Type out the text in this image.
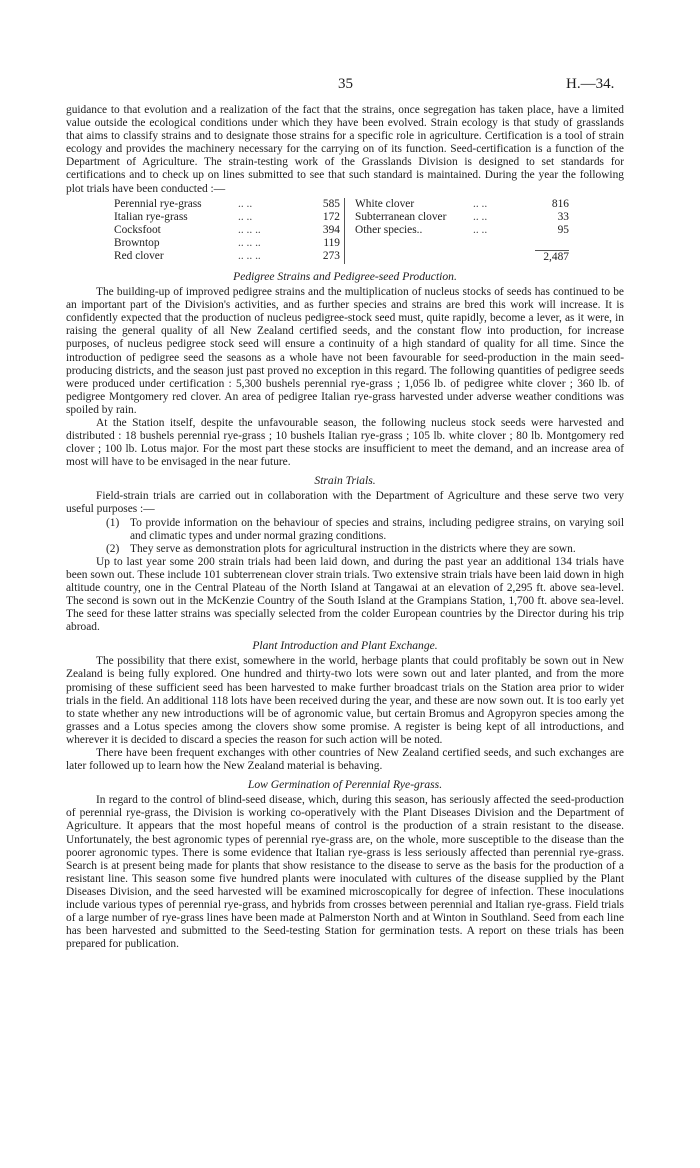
35	H.—34.

guidance to that evolution and a realization of the fact that the strains, once segregation has taken place, have a limited value outside the ecological conditions under which they have been evolved. Strain ecology is that study of grasslands that aims to classify strains and to designate those strains for a specific role in agriculture. Certification is a tool of strain ecology and provides the machinery necessary for the carrying on of its function. Seed-certification is a function of the Department of Agriculture. The strain-testing work of the Grasslands Division is designed to set standards for certifications and to check up on lines submitted to see that such standard is maintained. During the year the following plot trials have been conducted :—

Perennial rye-grass	.. ..	585
Italian rye-grass	.. ..	172
Cocksfoot	.. .. ..	394
Browntop	.. .. ..	119
Red clover	.. .. ..	273
White clover	.. ..	816
Subterranean clover	.. ..	33
Other species..	.. ..	95
2,487
Pedigree Strains and Pedigree-seed Production.

The building-up of improved pedigree strains and the multiplication of nucleus stocks of seeds has continued to be an important part of the Division's activities, and as further species and strains are bred this work will increase. It is confidently expected that the production of nucleus pedigree-stock seed must, quite rapidly, become a lever, as it were, in raising the general quality of all New Zealand certified seeds, and the constant flow into production, for increase purposes, of nucleus pedigree stock seed will ensure a continuity of a high standard of quality for all time. Since the introduction of pedigree seed the seasons as a whole have not been favourable for seed-production in the main seed-producing districts, and the season just past proved no exception in this regard. The following quantities of pedigree seeds were produced under certification : 5,300 bushels perennial rye-grass ; 1,056 lb. of pedigree white clover ; 360 lb. of pedigree Montgomery red clover. An area of pedigree Italian rye-grass harvested under adverse weather conditions was spoiled by rain.

At the Station itself, despite the unfavourable season, the following nucleus stock seeds were harvested and distributed : 18 bushels perennial rye-grass ; 10 bushels Italian rye-grass ; 105 lb. white clover ; 80 lb. Montgomery red clover ; 100 lb. Lotus major. For the most part these stocks are insufficient to meet the demand, and an increase area of most will have to be envisaged in the near future.

Strain Trials.

Field-strain trials are carried out in collaboration with the Department of Agriculture and these serve two very useful purposes :—

(1) To provide information on the behaviour of species and strains, including pedigree strains, on varying soil and climatic types and under normal grazing conditions.
(2) They serve as demonstration plots for agricultural instruction in the districts where they are sown.

Up to last year some 200 strain trials had been laid down, and during the past year an additional 134 trials have been sown out. These include 101 subterrenean clover strain trials. Two extensive strain trials have been laid down in high altitude country, one in the Central Plateau of the North Island at Tangawai at an elevation of 2,295 ft. above sea-level. The second is sown out in the McKenzie Country of the South Island at the Grampians Station, 1,700 ft. above sea-level. The seed for these latter strains was specially selected from the colder European countries by the Director during his trip abroad.

Plant Introduction and Plant Exchange.

The possibility that there exist, somewhere in the world, herbage plants that could profitably be sown out in New Zealand is being fully explored. One hundred and thirty-two lots were sown out and later planted, and from the more promising of these sufficient seed has been harvested to make further broadcast trials on the Station area prior to wider trials in the field. An additional 118 lots have been received during the year, and these are now sown out. It is too early yet to state whether any new introductions will be of agronomic value, but certain Bromus and Agropyron species among the grasses and a Lotus species among the clovers show some promise. A register is being kept of all introductions, and wherever it is decided to discard a species the reason for such action will be noted.

There have been frequent exchanges with other countries of New Zealand certified seeds, and such exchanges are later followed up to learn how the New Zealand material is behaving.

Low Germination of Perennial Rye-grass.

In regard to the control of blind-seed disease, which, during this season, has seriously affected the seed-production of perennial rye-grass, the Division is working co-operatively with the Plant Diseases Division and the Department of Agriculture. It appears that the most hopeful means of control is the production of a strain resistant to the disease. Unfortunately, the best agronomic types of perennial rye-grass are, on the whole, more susceptible to the disease than the poorer agronomic types. There is some evidence that Italian rye-grass is less seriously affected than perennial rye-grass. Search is at present being made for plants that show resistance to the disease to serve as the basis for the production of a resistant line. This season some five hundred plants were inoculated with cultures of the disease supplied by the Plant Diseases Division, and the seed harvested will be examined microscopically for degree of infection. These inoculations include various types of perennial rye-grass, and hybrids from crosses between perennial and Italian rye-grass. Field trials of a large number of rye-grass lines have been made at Palmerston North and at Winton in Southland. Seed from each line has been harvested and submitted to the Seed-testing Station for germination tests. A report on these trials has been prepared for publication.
